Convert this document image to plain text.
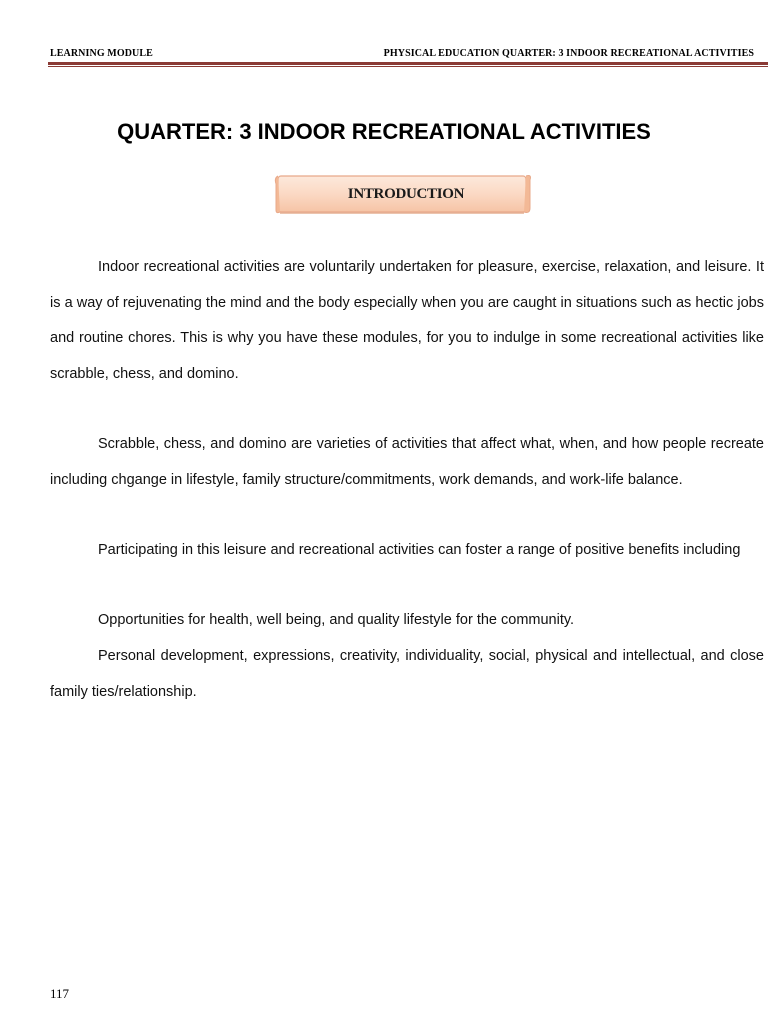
LEARNING MODULE	PHYSICAL EDUCATION QUARTER: 3 INDOOR RECREATIONAL ACTIVITIES
QUARTER: 3 INDOOR RECREATIONAL ACTIVITIES
INTRODUCTION

Indoor recreational activities are voluntarily undertaken for pleasure, exercise, relaxation, and leisure. It is a way of rejuvenating the mind and the body especially when you are caught in situations such as hectic jobs and routine chores. This is why you have these modules, for you to indulge in some recreational activities like scrabble, chess, and domino.

Scrabble, chess, and domino are varieties of activities that affect what, when, and how people recreate including chgange in lifestyle, family structure/commitments, work demands, and work-life balance.

Participating in this leisure and recreational activities can foster a range of positive benefits including

Opportunities for health, well being, and quality lifestyle for the community.

Personal development, expressions, creativity, individuality, social, physical and intellectual, and close family ties/relationship.

117
